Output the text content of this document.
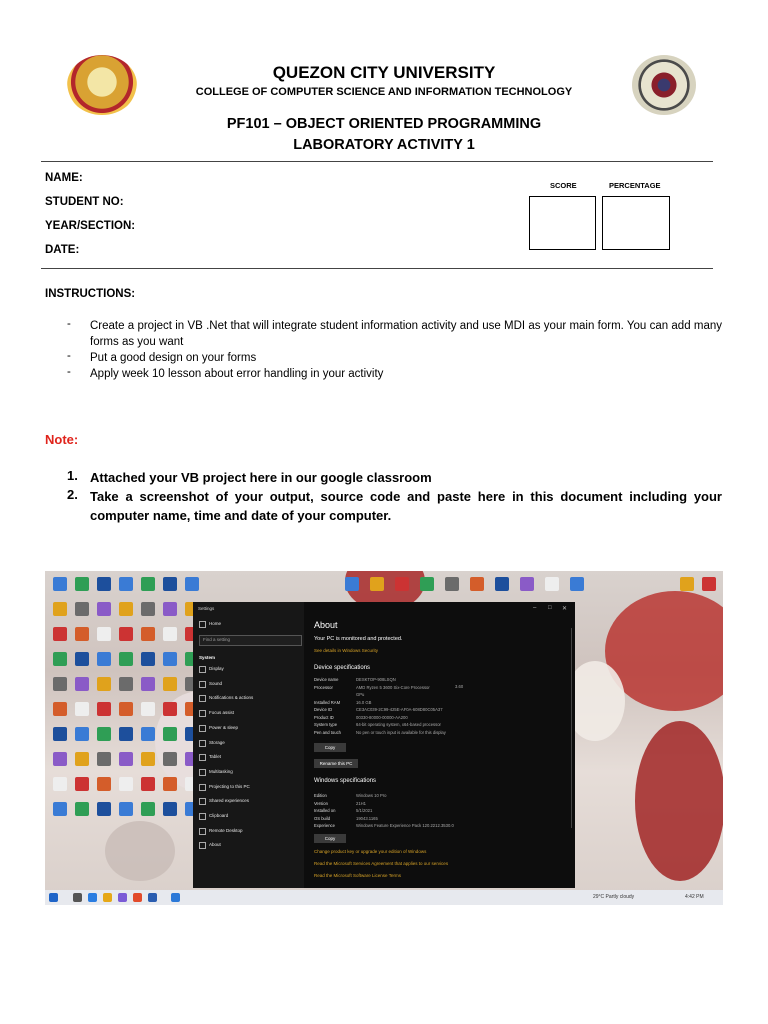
QUEZON CITY UNIVERSITY
COLLEGE OF COMPUTER SCIENCE AND INFORMATION TECHNOLOGY
PF101 – OBJECT ORIENTED PROGRAMMING
LABORATORY ACTIVITY 1
NAME:
STUDENT NO:
YEAR/SECTION:
DATE:
SCORE	PERCENTAGE
INSTRUCTIONS:
- Create a project in VB .Net that will integrate student information activity and use MDI as your main form. You can add many forms as you want
- Put a good design on your forms
- Apply week 10 lesson about error handling in your activity
Note:
1. Attached your VB project here in our google classroom
2. Take a screenshot of your output, source code and paste here in this document including your computer name, time and date of your computer.
Settings	– □ ✕
Home
Find a setting
System
Display
Sound
Notifications & actions
Focus assist
Power & sleep
Storage
Tablet
Multitasking
Projecting to this PC
Shared experiences
Clipboard
Remote Desktop
About
About
Your PC is monitored and protected.
See details in Windows Security
Device specifications
Device name	DESKTOP-908LSQN
Processor	AMD Ryzen 5 3600 Six-Core Processor
GPu
Installed RAM	16.0 GB
Device ID	CE3AC039-2C99-425E-AF0A-608D80C05A37
Product ID	00330-80000-00000-AA200
System type	64-bit operating system, x64-based processor
Pen and touch	No pen or touch input is available for this display
3.60
Copy
Rename this PC
Windows specifications
Edition	Windows 10 Pro
Version	21H1
Installed on	5/1/2021
OS build	19043.1165
Experience	Windows Feature Experience Pack 120.2212.3530.0
Copy
Change product key or upgrade your edition of Windows
Read the Microsoft Services Agreement that applies to our services
Read the Microsoft Software License Terms
29°C Partly cloudy	4:42 PM
